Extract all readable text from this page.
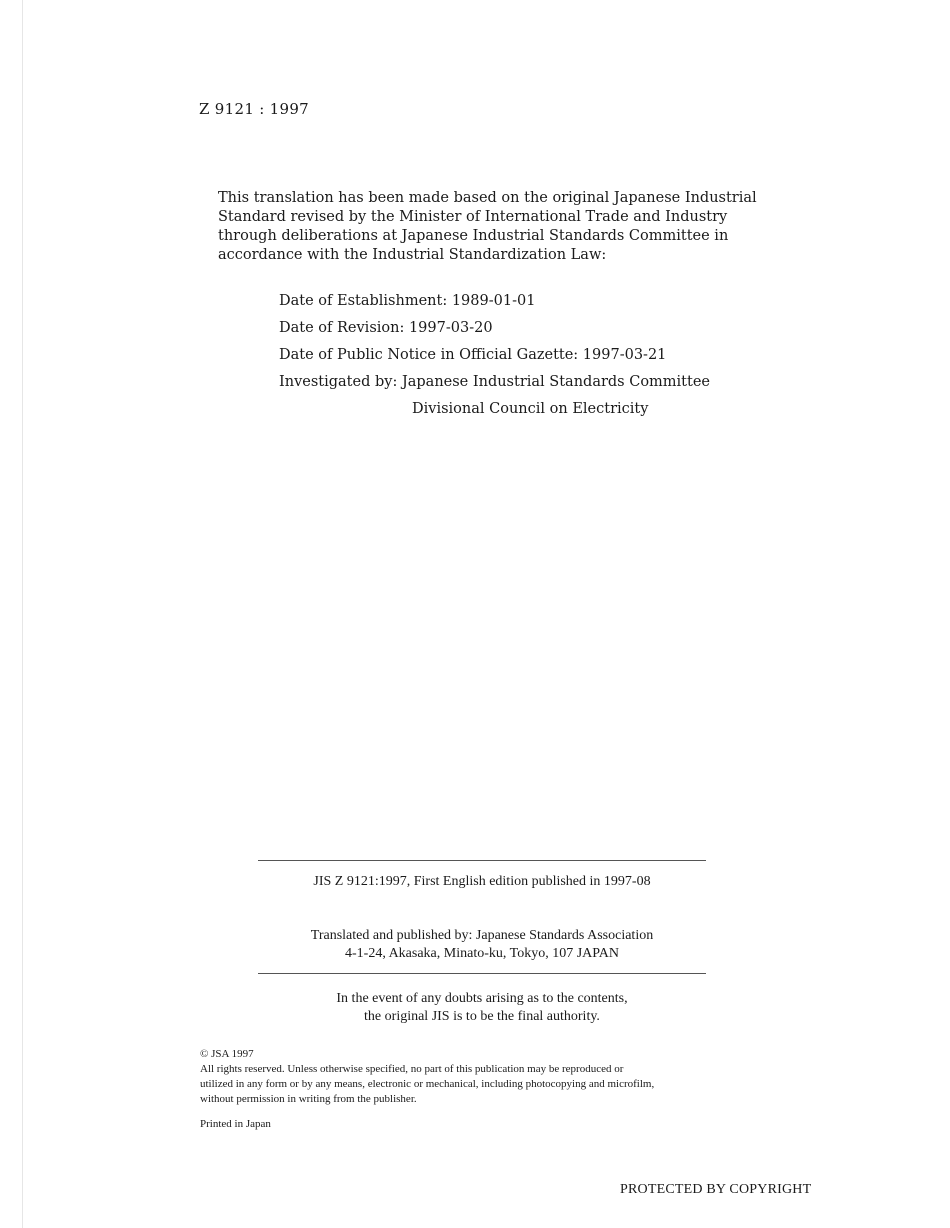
Z 9121 : 1997

This translation has been made based on the original Japanese Industrial Standard revised by the Minister of International Trade and Industry through deliberations at Japanese Industrial Standards Committee in accordance with the Industrial Standardization Law:

Date of Establishment: 1989-01-01
Date of Revision: 1997-03-20
Date of Public Notice in Official Gazette: 1997-03-21
Investigated by: Japanese Industrial Standards Committee
Divisional Council on Electricity
JIS Z 9121:1997, First English edition published in 1997-08
Translated and published by: Japanese Standards Association
4-1-24, Akasaka, Minato-ku, Tokyo, 107 JAPAN
In the event of any doubts arising as to the contents,
the original JIS is to be the final authority.
© JSA 1997
All rights reserved. Unless otherwise specified, no part of this publication may be reproduced or
utilized in any form or by any means, electronic or mechanical, including photocopying and microfilm,
without permission in writing from the publisher.
Printed in Japan
PROTECTED BY COPYRIGHT
